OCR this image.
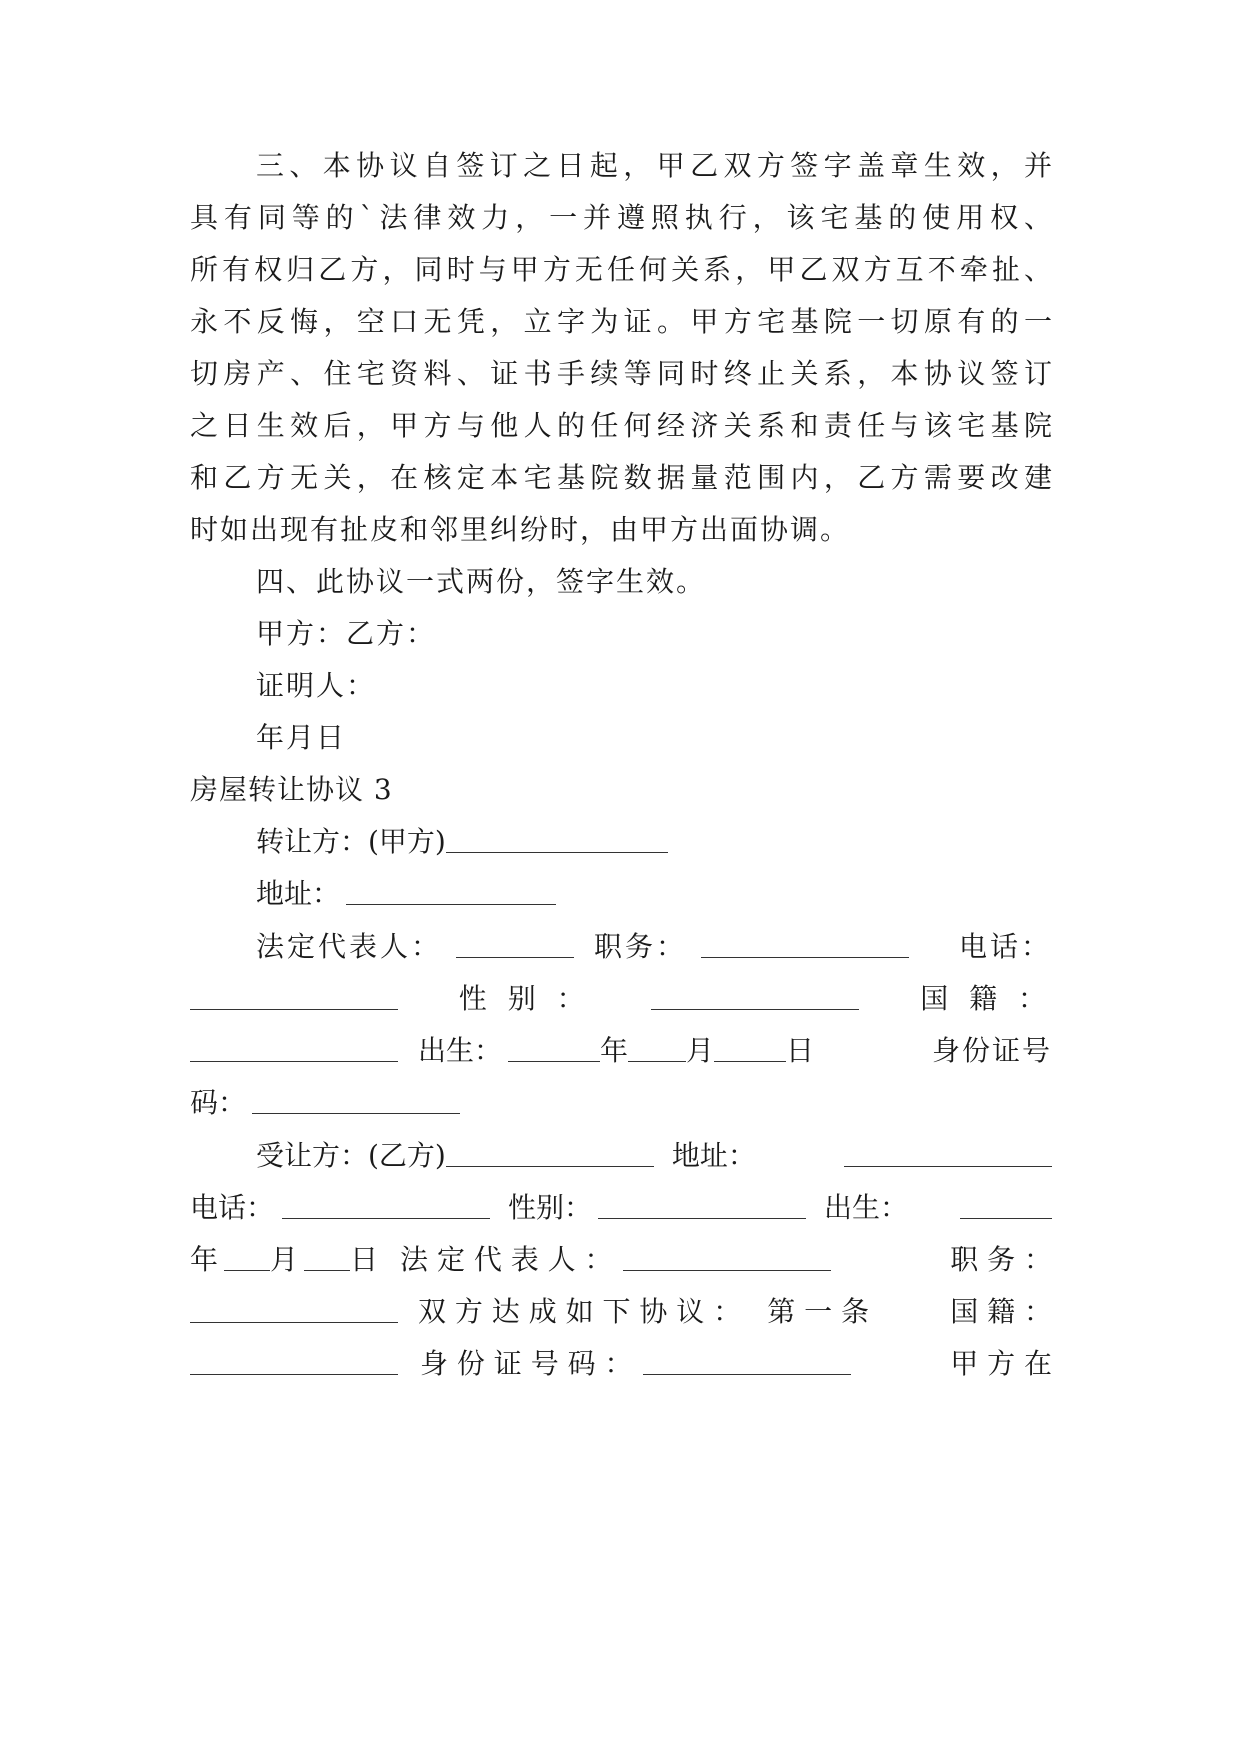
三、本协议自签订之日起，甲乙双方签字盖章生效，并
具有同等的`法律效力，一并遵照执行，该宅基的使用权、
所有权归乙方，同时与甲方无任何关系，甲乙双方互不牵扯、
永不反悔，空口无凭，立字为证。甲方宅基院一切原有的一
切房产、住宅资料、证书手续等同时终止关系，本协议签订
之日生效后，甲方与他人的任何经济关系和责任与该宅基院
和乙方无关，在核定本宅基院数据量范围内，乙方需要改建
时如出现有扯皮和邻里纠纷时，由甲方出面协调。
四、此协议一式两份，签字生效。
甲方：乙方：
证明人：
年月日
房屋转让协议 3
转让方：(甲方)
地址：
法定代表人：	职务：	电话：
性 别 ：	国 籍 ：
出生：	年 月	日	身份证号
码：
受让方：(乙方)	地址：
电话：	性别：	出生：
年 月 日 法 定 代 表 人 ：	职 务 ：
双 方 达 成 如 下 协 议 ： 第 一 条	国 籍 ：
身 份 证 号 码 ：	甲 方 在
